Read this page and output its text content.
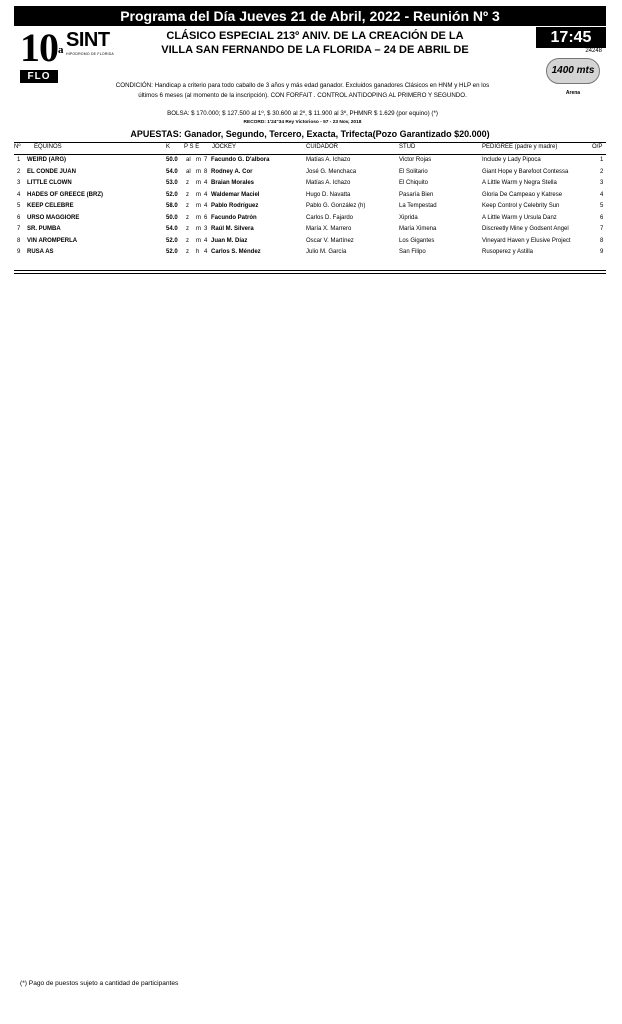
Programa del Día Jueves 21 de Abril, 2022 - Reunión Nº 3
10$^a$
FLO
SINT
HIPODROMO DE FLORIDA
CLÁSICO ESPECIAL 213º ANIV. DE LA CREACIÓN DE LA
VILLA SAN FERNANDO DE LA FLORIDA – 24 DE ABRIL DE
17:45
24248
1400 mts
Arena
CONDICIÓN: Handicap a criterio para todo caballo de 3 años y más edad ganador. Excluidos ganadores Clásicos en HNM y HLP en los
últimos 6 meses (al momento de la inscripción). CON FORFAIT . CONTROL ANTIDOPING AL PRIMERO Y SEGUNDO.
BOLSA: $ 170.000; $ 127.500 al 1º, $ 30.600 al 2º, $ 11.900 al 3º, PHMNR $ 1.629 (por equino) (*)
RECORD: 1'24"34 Rey Victorioso - 57 - 23 Nov, 2018
APUESTAS: Ganador, Segundo, Tercero, Exacta, Trifecta(Pozo Garantizado $20.000)
Nº EQUINOS	K P S E JOCKEY	CUIDADOR	STUD	PEDIGREE (padre y madre)	O/P
1 WEIRD (ARG)	50.0 al m 7 Facundo G. D'albora	Matías A. Ichazo	Victor Rojas	Include y Lady Pipoca	1
2 EL CONDE JUAN	54.0 al m 8 Rodney A. Cor	José G. Menchaca	El Solitario	Giant Hope y Barefoot Contessa	2
3 LITTLE CLOWN	53.0 z m 4 Braian Morales	Matías A. Ichazo	El Chiquito	A Little Warm y Negra Stella	3
4 HADES OF GREECE (BRZ)	52.0 z m 4 Waldemar Maciel	Hugo D. Navatta	Pasaría Bien	Gloria De Campeao y Katrese	4
5 KEEP CELEBRE	58.0 z m 4 Pablo Rodríguez	Pablo G. González (h)	La Tempestad	Keep Control y Celebrity Sun	5
6 URSO MAGGIORE	50.0 z m 6 Facundo Patrón	Carlos D. Fajardo	Xiprida	A Little Warm y Ursula Danz	6
7 SR. PUMBA	54.0 z m 3 Raúl M. Silvera	María X. Marrero	María Ximena	Discreetly Mine y Godsent Angel	7
8 VIN AROMPERLA	52.0 z m 4 Juan M. Díaz	Oscar V. Martínez	Los Gigantes	Vineyard Haven y Elusive Project	8
9 RUSA AS	52.0 z h 4 Carlos S. Méndez	Julio M. García	San Filipo	Rusoperez y Astilla	9
(*) Pago de puestos sujeto a cantidad de participantes
